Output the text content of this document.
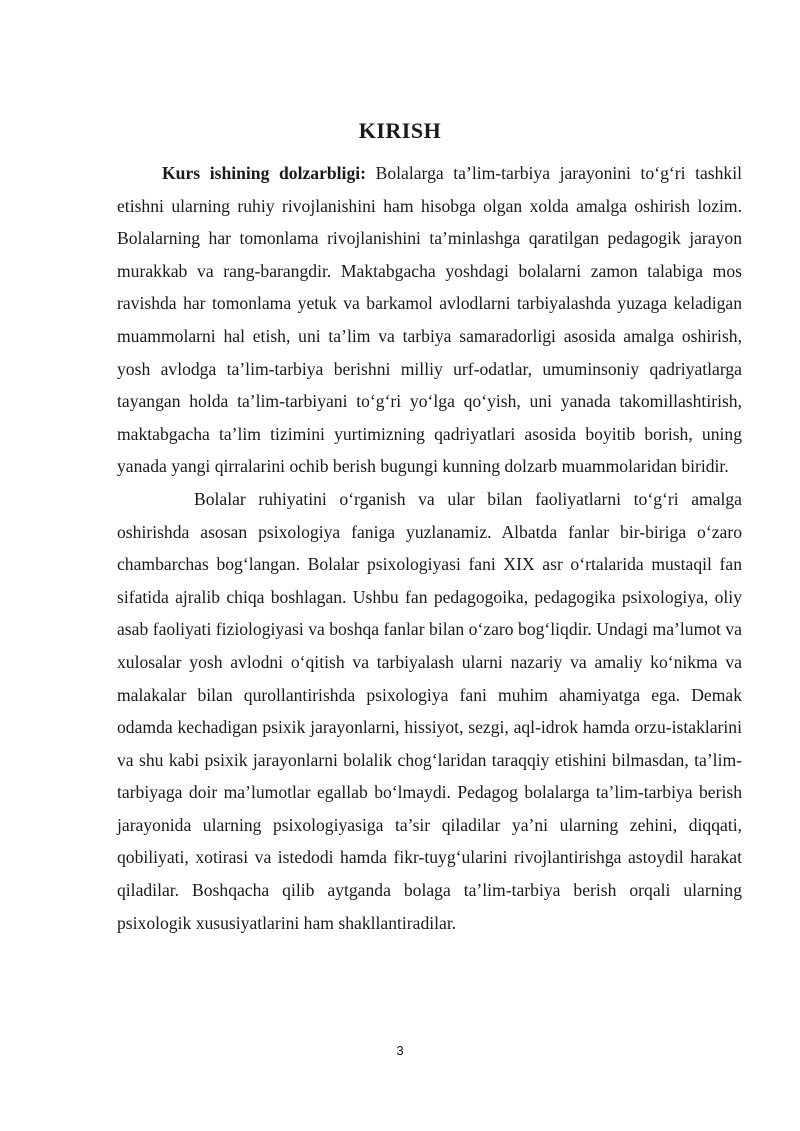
KIRISH

Kurs ishining dolzarbligi: Bolalarga ta’lim-tarbiya jarayonini to‘g‘ri tashkil etishni ularning ruhiy rivojlanishini ham hisobga olgan xolda amalga oshirish lozim. Bolalarning har tomonlama rivojlanishini ta’minlashga qaratilgan pedagogik jarayon murakkab va rang-barangdir. Maktabgacha yoshdagi bolalarni zamon talabiga mos ravishda har tomonlama yetuk va barkamol avlodlarni tarbiyalashda yuzaga keladigan muammolarni hal etish, uni ta’lim va tarbiya samaradorligi asosida amalga oshirish, yosh avlodga ta’lim-tarbiya berishni milliy urf-odatlar, umuminsoniy qadriyatlarga tayangan holda ta’lim-tarbiyani to‘g‘ri yo‘lga qo‘yish, uni yanada takomillashtirish, maktabgacha ta’lim tizimini yurtimizning qadriyatlari asosida boyitib borish, uning yanada yangi qirralarini ochib berish bugungi kunning dolzarb muammolaridan biridir.

Bolalar ruhiyatini o‘rganish va ular bilan faoliyatlarni to‘g‘ri amalga oshirishda asosan psixologiya faniga yuzlanamiz. Albatda fanlar bir-biriga o‘zaro chambarchas bog‘langan. Bolalar psixologiyasi fani XIX asr o‘rtalarida mustaqil fan sifatida ajralib chiqa boshlagan. Ushbu fan pedagogoika, pedagogika psixologiya, oliy asab faoliyati fiziologiyasi va boshqa fanlar bilan o‘zaro bog‘liqdir. Undagi ma’lumot va xulosalar yosh avlodni o‘qitish va tarbiyalash ularni nazariy va amaliy ko‘nikma va malakalar bilan qurollantirishda psixologiya fani muhim ahamiyatga ega. Demak odamda kechadigan psixik jarayonlarni, hissiyot, sezgi, aql-idrok hamda orzu-istaklarini va shu kabi psixik jarayonlarni bolalik chog‘laridan taraqqiy etishini bilmasdan, ta’lim-tarbiyaga doir ma’lumotlar egallab bo‘lmaydi. Pedagog bolalarga ta’lim-tarbiya berish jarayonida ularning psixologiyasiga ta’sir qiladilar ya’ni ularning zehini, diqqati, qobiliyati, xotirasi va istedodi hamda fikr-tuyg‘ularini rivojlantirishga astoydil harakat qiladilar. Boshqacha qilib aytganda bolaga ta’lim-tarbiya berish orqali ularning psixologik xususiyatlarini ham shakllantiradilar.

3
